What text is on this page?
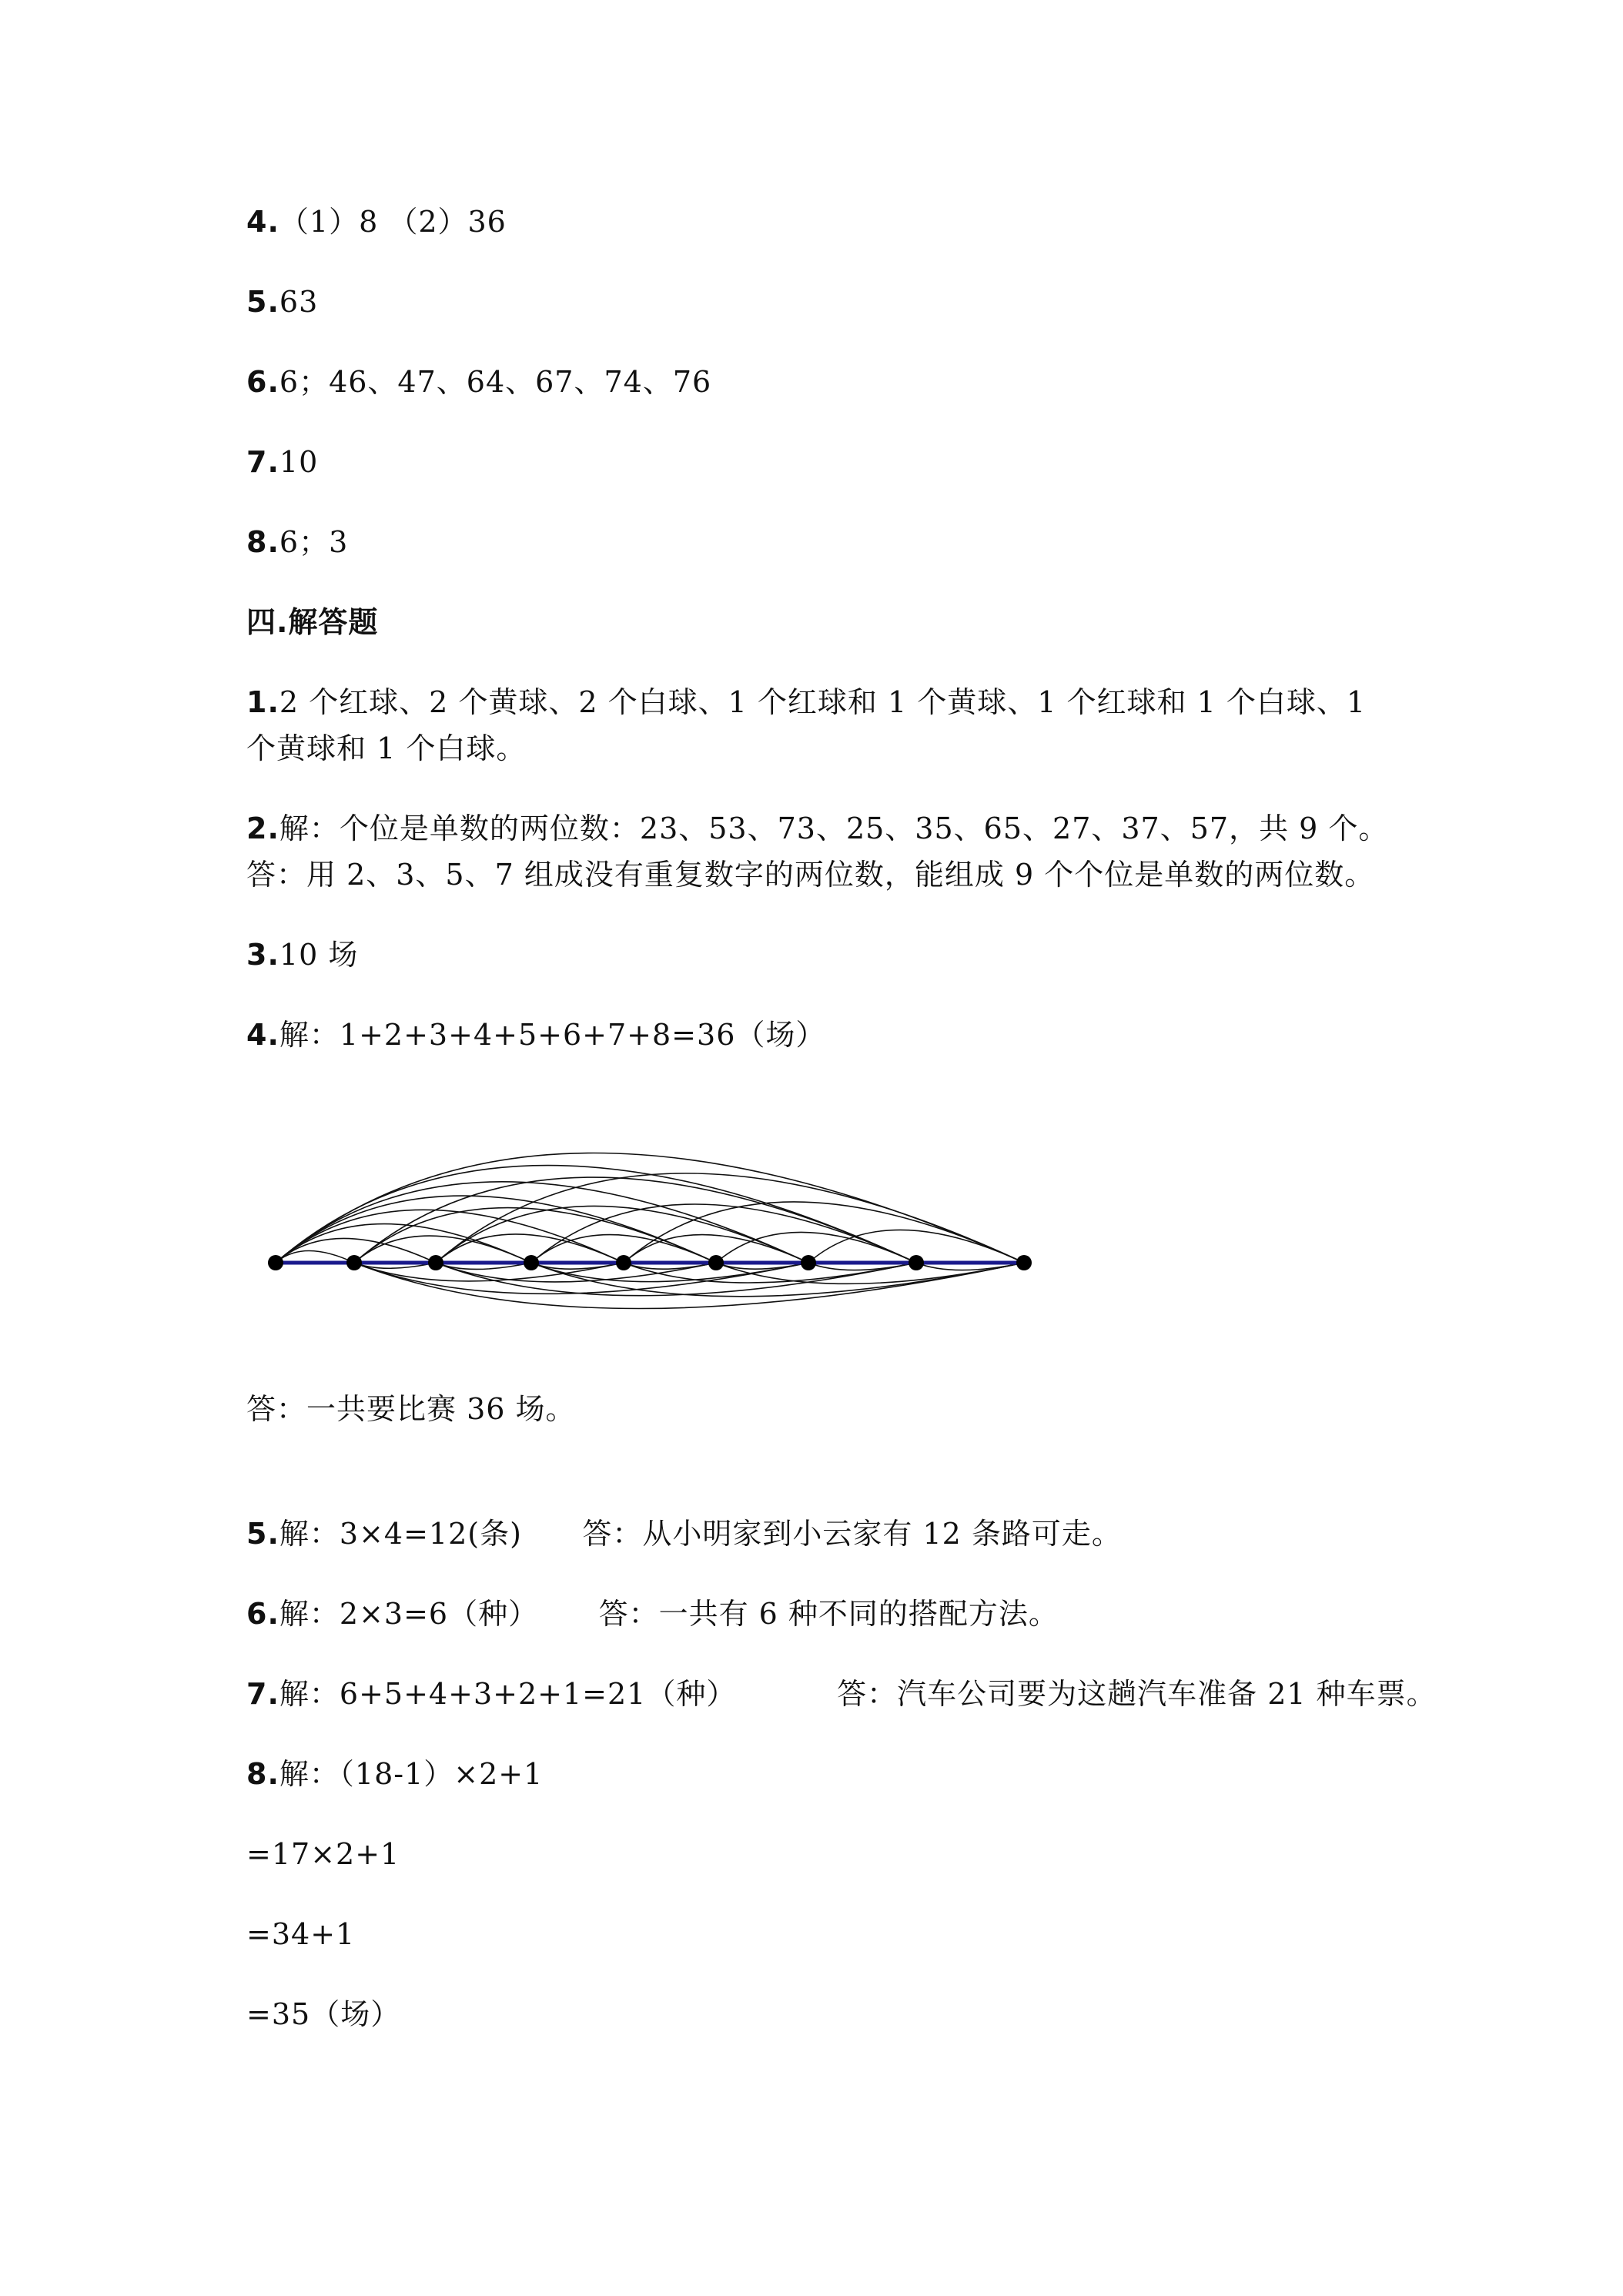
4.（1）8 （2）36
5.63
6.6；46、47、64、67、74、76
7.10
8.6；3
四.解答题
1.2 个红球、2 个黄球、2 个白球、1 个红球和 1 个黄球、1 个红球和 1 个白球、1 个黄球和 1 个白球。
2.解：个位是单数的两位数：23、53、73、25、35、65、27、37、57，共 9 个。 答：用 2、3、5、7 组成没有重复数字的两位数，能组成 9 个个位是单数的两位数。
3.10 场
4.解：1+2+3+4+5+6+7+8=36（场）
答：一共要比赛 36 场。
5.解：3×4=12(条)      答：从小明家到小云家有 12 条路可走。
6.解：2×3=6（种）      答：一共有 6 种不同的搭配方法。
7.解：6+5+4+3+2+1=21（种）          答：汽车公司要为这趟汽车准备 21 种车票。
8.解：（18-1）×2+1
=17×2+1
=34+1
=35（场）
